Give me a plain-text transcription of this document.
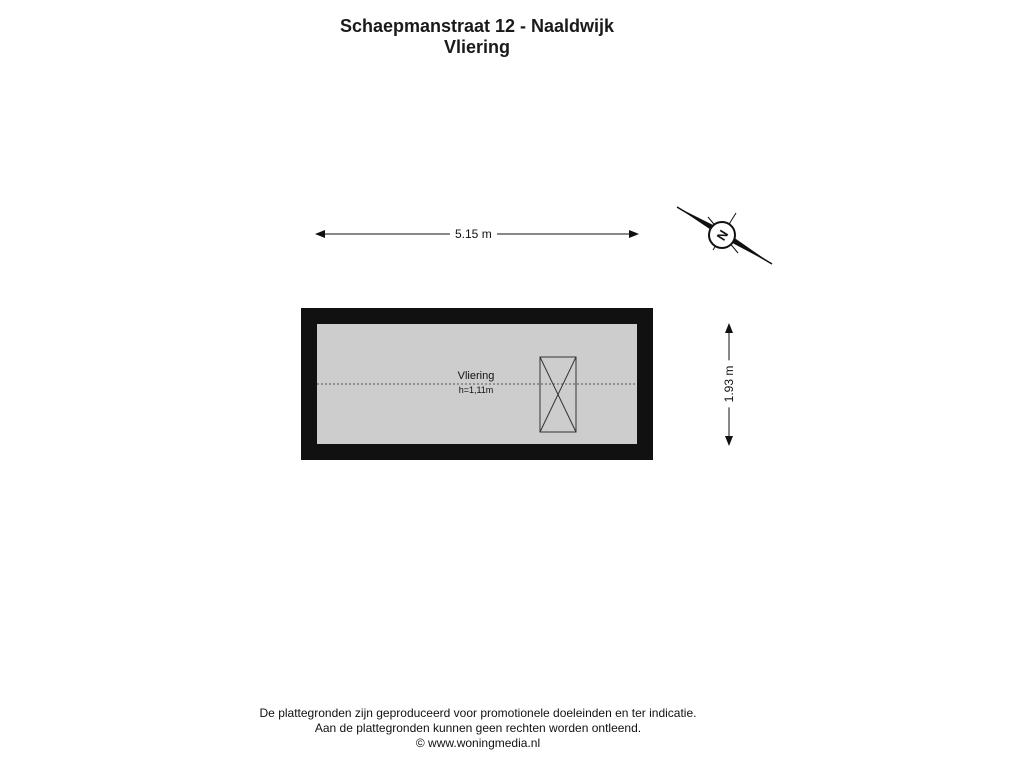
Schaepmanstraat 12 - Naaldwijk
Vliering
N
5.15 m
1.93 m
Vliering
h=1,11m
De plattegronden zijn geproduceerd voor promotionele doeleinden en ter indicatie.
Aan de plattegronden kunnen geen rechten worden ontleend.
© www.woningmedia.nl
